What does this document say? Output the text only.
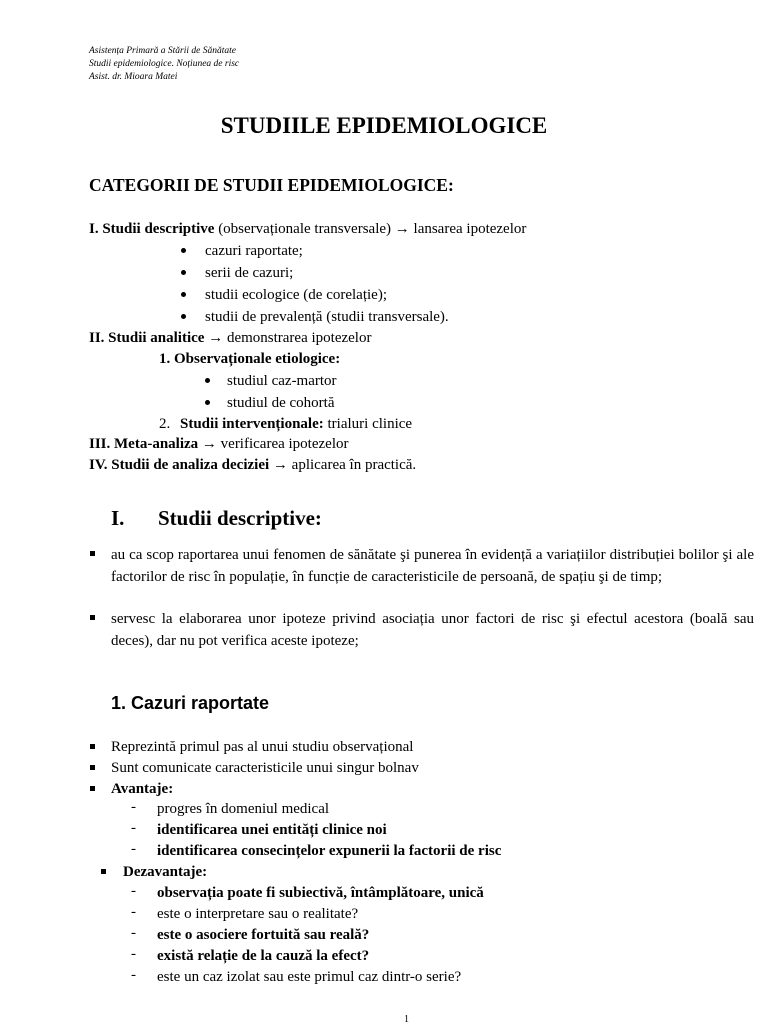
Asistența Primară a Stării de Sănătate
Studii epidemiologice. Noțiunea de risc
Asist. dr. Mioara Matei
STUDIILE EPIDEMIOLOGICE
CATEGORII DE STUDII EPIDEMIOLOGICE:
I. Studii descriptive (observaționale transversale) → lansarea ipotezelor
cazuri raportate;
serii de cazuri;
studii ecologice (de corelație);
studii de prevalență (studii transversale).
II. Studii analitice → demonstrarea ipotezelor
1. Observaționale etiologice:
studiul caz-martor
studiul de cohortă
2. Studii intervenționale: trialuri clinice
III. Meta-analiza → verificarea ipotezelor
IV. Studii de analiza deciziei → aplicarea în practică.
I. Studii descriptive:
au ca scop raportarea unui fenomen de sănătate şi punerea în evidență a variațiilor distribuției bolilor şi ale factorilor de risc în populație, în funcție de caracteristicile de persoană, de spațiu şi de timp;
servesc la elaborarea unor ipoteze privind asociația unor factori de risc şi efectul acestora (boală sau deces), dar nu pot verifica aceste ipoteze;
1. Cazuri raportate
Reprezintă primul pas al unui studiu observațional
Sunt comunicate caracteristicile unui singur bolnav
Avantaje:
- progres în domeniul medical
- identificarea unei entități clinice noi
- identificarea consecințelor expunerii la factorii de risc
Dezavantaje:
- observația poate fi subiectivă, întâmplătoare, unică
- este o interpretare sau o realitate?
- este o asociere fortuită sau reală?
- există relație de la cauză la efect?
- este un caz izolat sau este primul caz dintr-o serie?
1
